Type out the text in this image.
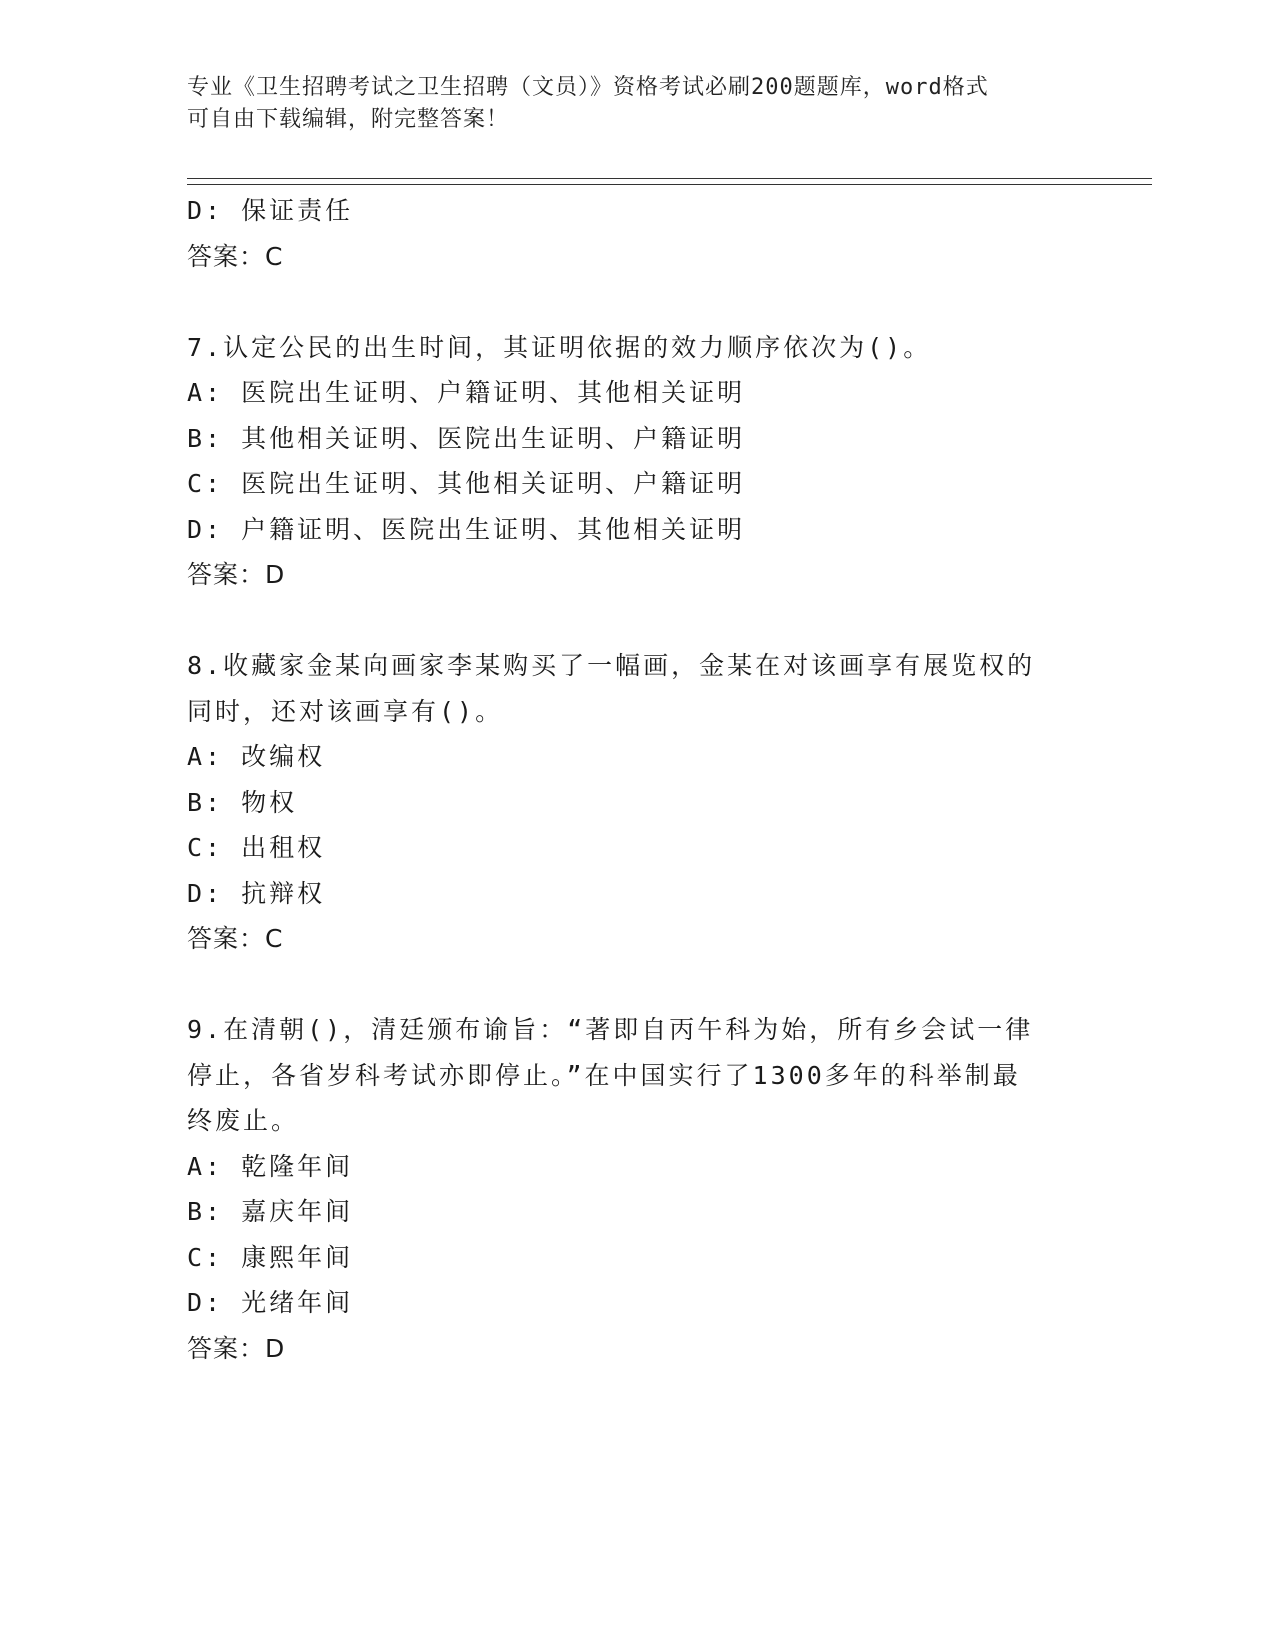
专业《卫生招聘考试之卫生招聘（文员）》资格考试必刷200题题库，word格式
可自由下载编辑，附完整答案！
D: 保证责任
答案：C
7.认定公民的出生时间，其证明依据的效力顺序依次为()。
A: 医院出生证明、户籍证明、其他相关证明
B: 其他相关证明、医院出生证明、户籍证明
C: 医院出生证明、其他相关证明、户籍证明
D: 户籍证明、医院出生证明、其他相关证明
答案：D
8.收藏家金某向画家李某购买了一幅画，金某在对该画享有展览权的
同时，还对该画享有()。
A: 改编权
B: 物权
C: 出租权
D: 抗辩权
答案：C
9.在清朝()，清廷颁布谕旨：“著即自丙午科为始，所有乡会试一律
停止，各省岁科考试亦即停止。”在中国实行了1300多年的科举制最
终废止。
A: 乾隆年间
B: 嘉庆年间
C: 康熙年间
D: 光绪年间
答案：D
